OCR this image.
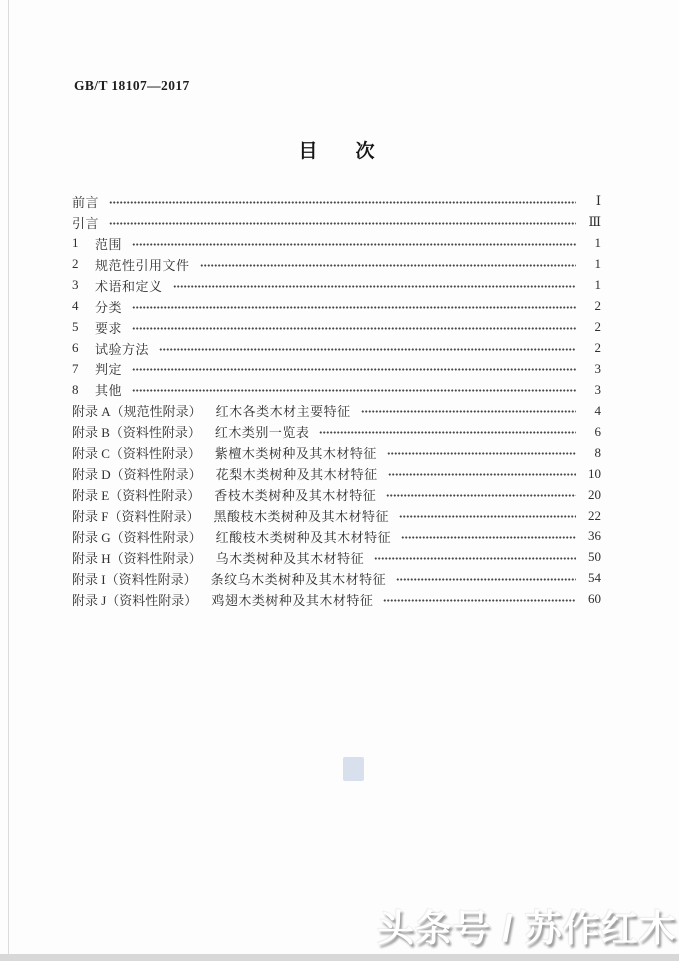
GB/T 18107—2017
目　　次
前言	Ⅰ
引言	Ⅲ
1	范围	1
2	规范性引用文件	1
3	术语和定义	1
4	分类	2
5	要求	2
6	试验方法	2
7	判定	3
8	其他	3
附录 A（规范性附录） 红木各类木材主要特征	4
附录 B（资料性附录） 红木类别一览表	6
附录 C（资料性附录） 紫檀木类树种及其木材特征	8
附录 D（资料性附录） 花梨木类树种及其木材特征	10
附录 E（资料性附录） 香枝木类树种及其木材特征	20
附录 F（资料性附录） 黑酸枝木类树种及其木材特征	22
附录 G（资料性附录） 红酸枝木类树种及其木材特征	36
附录 H（资料性附录） 乌木类树种及其木材特征	50
附录 I（资料性附录） 条纹乌木类树种及其木材特征	54
附录 J（资料性附录） 鸡翅木类树种及其木材特征	60
头条号 / 苏作红木
